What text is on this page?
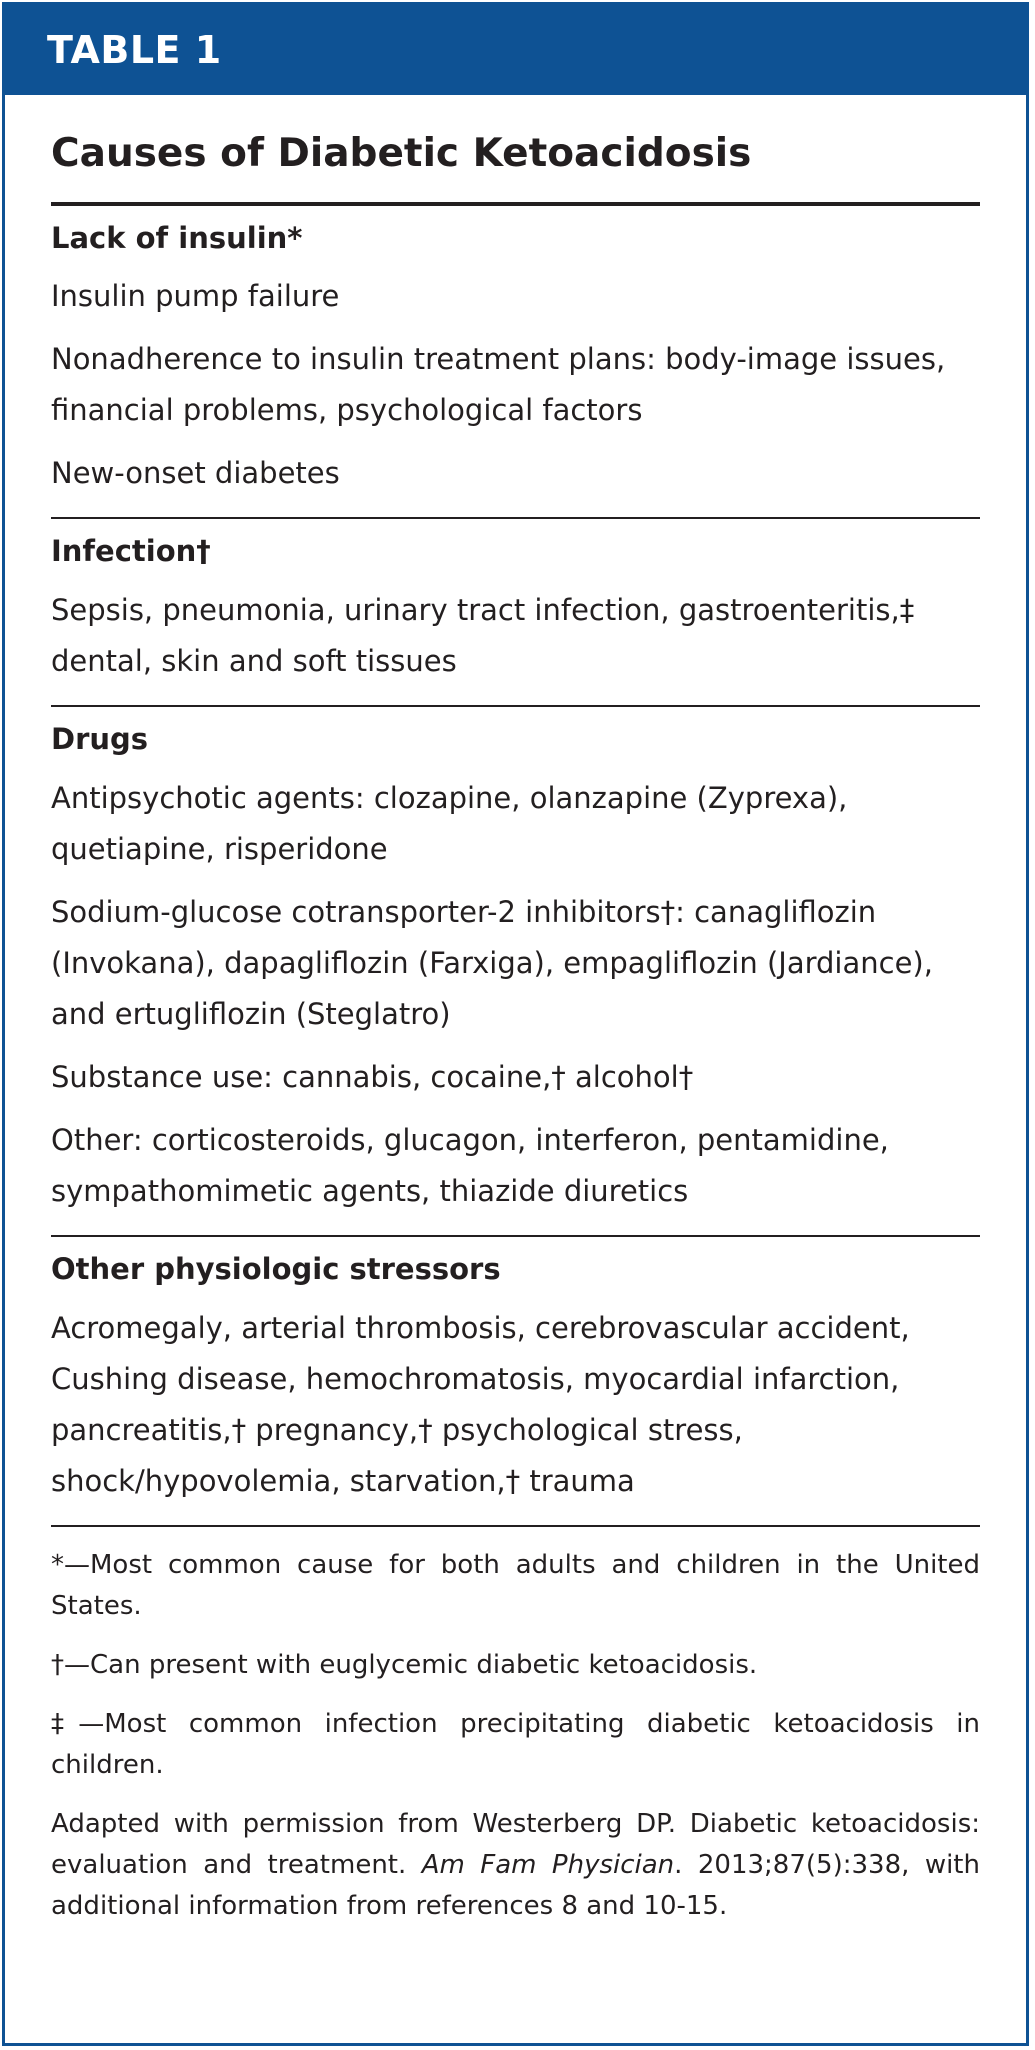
TABLE 1
Causes of Diabetic Ketoacidosis
Lack of insulin*
Insulin pump failure
Nonadherence to insulin treatment plans: body-image issues, financial problems, psychological factors
New-onset diabetes
Infection†
Sepsis, pneumonia, urinary tract infection, gastroenteritis,‡ dental, skin and soft tissues
Drugs
Antipsychotic agents: clozapine, olanzapine (Zyprexa), quetiapine, risperidone
Sodium-glucose cotransporter-2 inhibitors†: canagliflozin (Invokana), dapagliflozin (Farxiga), empagliflozin (Jardiance), and ertugliflozin (Steglatro)
Substance use: cannabis, cocaine,† alcohol†
Other: corticosteroids, glucagon, interferon, pentamidine, sympathomimetic agents, thiazide diuretics
Other physiologic stressors
Acromegaly, arterial thrombosis, cerebrovascular accident, Cushing disease, hemochromatosis, myocardial infarction, pancreatitis,† pregnancy,† psychological stress, shock/hypovolemia, starvation,† trauma
*—Most common cause for both adults and children in the United States.
†—Can present with euglycemic diabetic ketoacidosis.
‡—Most common infection precipitating diabetic ketoacidosis in children.
Adapted with permission from Westerberg DP. Diabetic ketoacidosis: evaluation and treatment. Am Fam Physician. 2013;87(5):338, with additional information from references 8 and 10-15.
